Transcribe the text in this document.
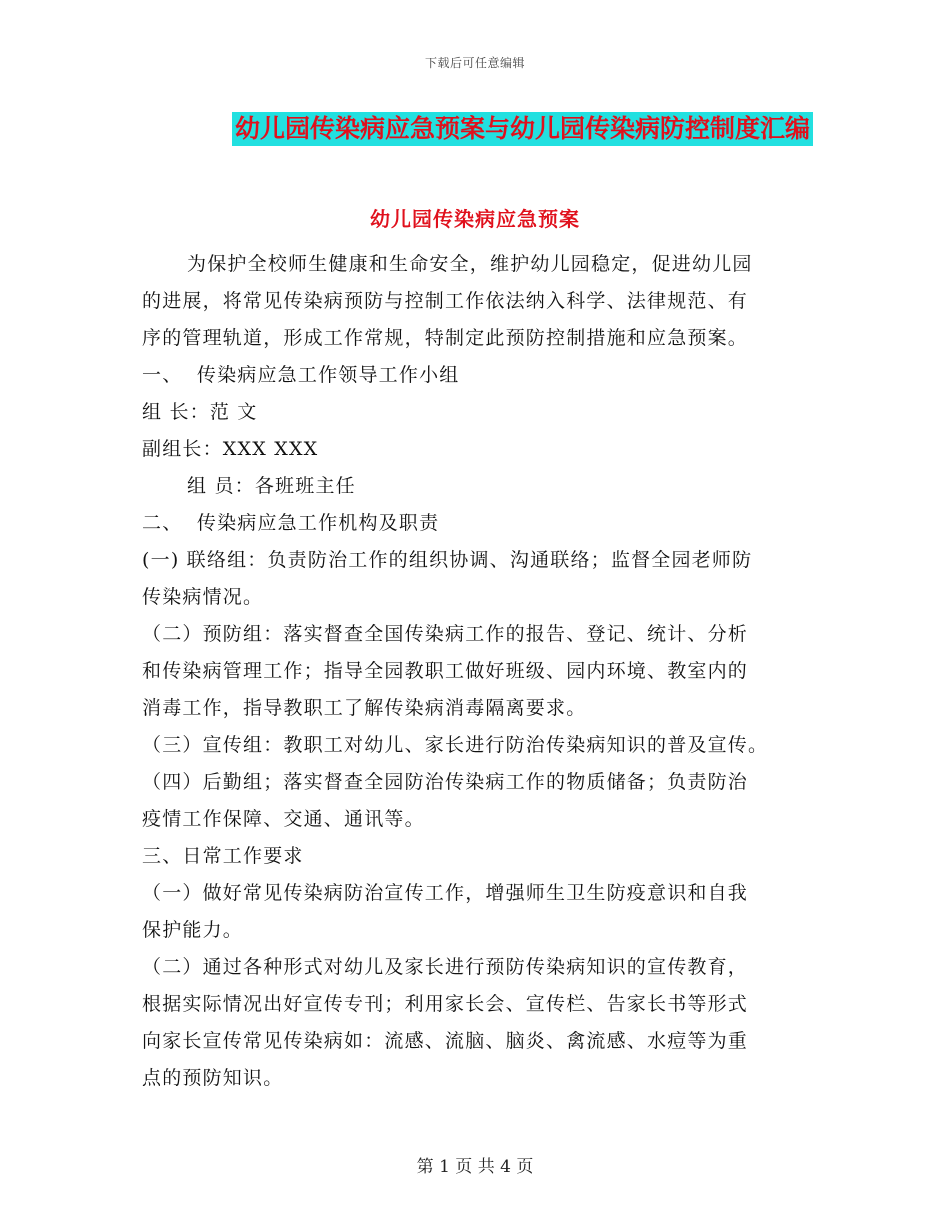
下载后可任意编辑
幼儿园传染病应急预案与幼儿园传染病防控制度汇编
幼儿园传染病应急预案

为保护全校师生健康和生命安全，维护幼儿园稳定，促进幼儿园

的进展，将常见传染病预防与控制工作依法纳入科学、法律规范、有

序的管理轨道，形成工作常规，特制定此预防控制措施和应急预案。

一、  传染病应急工作领导工作小组

组 长：范 文

副组长：XXX XXX

组 员：各班班主任

二、  传染病应急工作机构及职责

(一) 联络组：负责防治工作的组织协调、沟通联络；监督全园老师防

传染病情况。

（二）预防组：落实督查全国传染病工作的报告、登记、统计、分析

和传染病管理工作；指导全园教职工做好班级、园内环境、教室内的

消毒工作，指导教职工了解传染病消毒隔离要求。

（三）宣传组：教职工对幼儿、家长进行防治传染病知识的普及宣传。

（四）后勤组；落实督查全园防治传染病工作的物质储备；负责防治

疫情工作保障、交通、通讯等。

三、日常工作要求

（一）做好常见传染病防治宣传工作，增强师生卫生防疫意识和自我

保护能力。

（二）通过各种形式对幼儿及家长进行预防传染病知识的宣传教育，

根据实际情况出好宣传专刊；利用家长会、宣传栏、告家长书等形式

向家长宣传常见传染病如：流感、流脑、脑炎、禽流感、水痘等为重

点的预防知识。

第 1 页 共 4 页
